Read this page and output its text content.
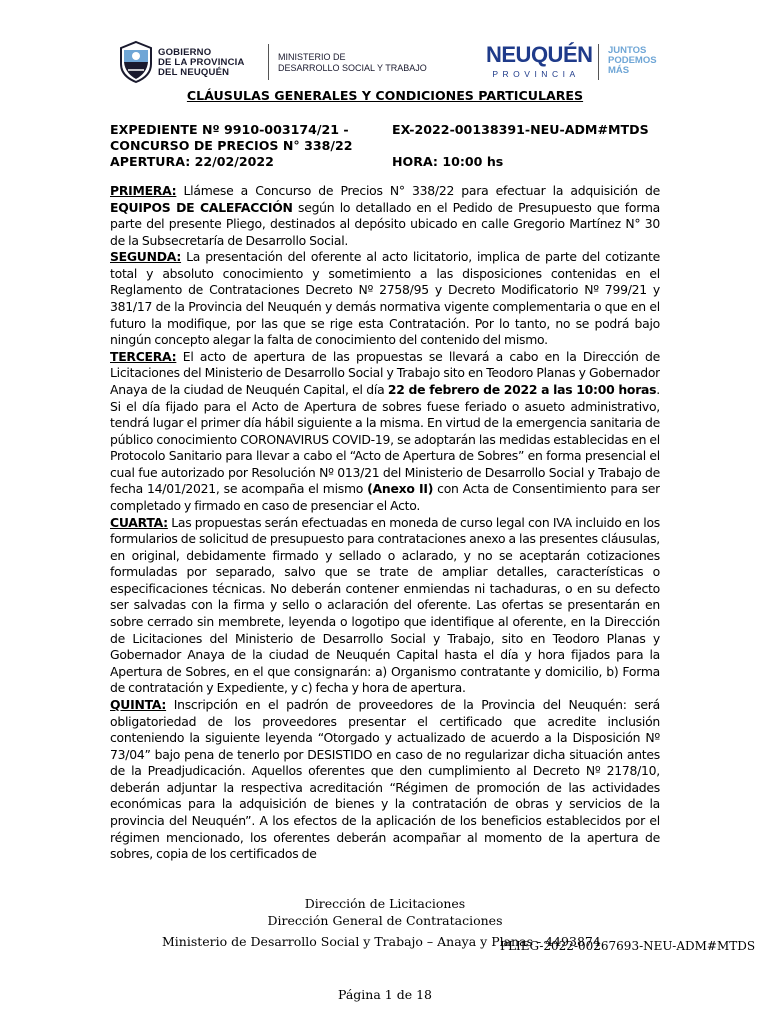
GOBIERNO
DE LA PROVINCIA
DEL NEUQUÉN
MINISTERIO DE
DESARROLLO SOCIAL Y TRABAJO
NEUQUÉN
PROVINCIA
JUNTOS
PODEMOS
MÁS
CLÁUSULAS GENERALES Y CONDICIONES PARTICULARES
EXPEDIENTE Nº 9910-003174/21 -	EX-2022-00138391-NEU-ADM#MTDS
CONCURSO DE PRECIOS N° 338/22
APERTURA: 22/02/2022	HORA: 10:00 hs

PRIMERA: Llámese a Concurso de Precios N° 338/22 para efectuar la adquisición de EQUIPOS DE CALEFACCIÓN según lo detallado en el Pedido de Presupuesto que forma parte del presente Pliego, destinados al depósito ubicado en calle Gregorio Martínez N° 30 de la Subsecretaría de Desarrollo Social.

SEGUNDA: La presentación del oferente al acto licitatorio, implica de parte del cotizante total y absoluto conocimiento y sometimiento a las disposiciones contenidas en el Reglamento de Contrataciones Decreto Nº 2758/95 y Decreto Modificatorio Nº 799/21 y 381/17 de la Provincia del Neuquén y demás normativa vigente complementaria o que en el futuro la modifique, por las que se rige esta Contratación. Por lo tanto, no se podrá bajo ningún concepto alegar la falta de conocimiento del contenido del mismo.

TERCERA: El acto de apertura de las propuestas se llevará a cabo en la Dirección de Licitaciones del Ministerio de Desarrollo Social y Trabajo sito en Teodoro Planas y Gobernador Anaya de la ciudad de Neuquén Capital, el día 22 de febrero de 2022 a las 10:00 horas. Si el día fijado para el Acto de Apertura de sobres fuese feriado o asueto administrativo, tendrá lugar el primer día hábil siguiente a la misma. En virtud de la emergencia sanitaria de público conocimiento CORONAVIRUS COVID-19, se adoptarán las medidas establecidas en el Protocolo Sanitario para llevar a cabo el “Acto de Apertura de Sobres” en forma presencial el cual fue autorizado por Resolución Nº 013/21 del Ministerio de Desarrollo Social y Trabajo de fecha 14/01/2021, se acompaña el mismo (Anexo II) con Acta de Consentimiento para ser completado y firmado en caso de presenciar el Acto.

CUARTA: Las propuestas serán efectuadas en moneda de curso legal con IVA incluido en los formularios de solicitud de presupuesto para contrataciones anexo a las presentes cláusulas, en original, debidamente firmado y sellado o aclarado, y no se aceptarán cotizaciones formuladas por separado, salvo que se trate de ampliar detalles, características o especificaciones técnicas. No deberán contener enmiendas ni tachaduras, o en su defecto ser salvadas con la firma y sello o aclaración del oferente. Las ofertas se presentarán en sobre cerrado sin membrete, leyenda o logotipo que identifique al oferente, en la Dirección de Licitaciones del Ministerio de Desarrollo Social y Trabajo, sito en Teodoro Planas y Gobernador Anaya de la ciudad de Neuquén Capital hasta el día y hora fijados para la Apertura de Sobres, en el que consignarán: a) Organismo contratante y domicilio, b) Forma de contratación y Expediente, y c) fecha y hora de apertura.

QUINTA: Inscripción en el padrón de proveedores de la Provincia del Neuquén: será obligatoriedad de los proveedores presentar el certificado que acredite inclusión conteniendo la siguiente leyenda “Otorgado y actualizado de acuerdo a la Disposición Nº 73/04” bajo pena de tenerlo por DESISTIDO en caso de no regularizar dicha situación antes de la Preadjudicación. Aquellos oferentes que den cumplimiento al Decreto Nº 2178/10, deberán adjuntar la respectiva acreditación “Régimen de promoción de las actividades económicas para la adquisición de bienes y la contratación de obras y servicios de la provincia del Neuquén”. A los efectos de la aplicación de los beneficios establecidos por el régimen mencionado, los oferentes deberán acompañar al momento de la apertura de sobres, copia de los certificados de

Dirección de Licitaciones
Dirección General de Contrataciones
Ministerio de Desarrollo Social y Trabajo – Anaya y Planas - 4493874
PLIEG-2022-00267693-NEU-ADM#MTDS
Página 1 de 18
